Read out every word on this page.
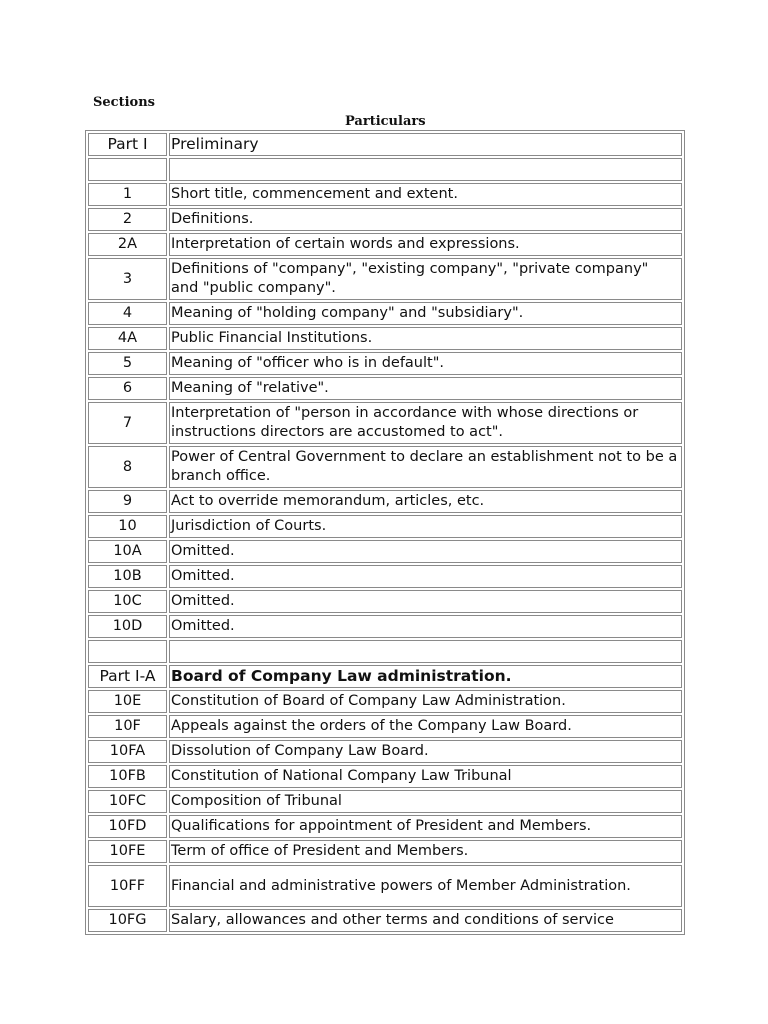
Sections
Particulars
Part I	Preliminary

1	Short title, commencement and extent.
2	Definitions.
2A	Interpretation of certain words and expressions.
3	Definitions of "company", "existing company", "private company" and "public company".
4	Meaning of "holding company" and "subsidiary".
4A	Public Financial Institutions.
5	Meaning of "officer who is in default".
6	Meaning of "relative".
7	Interpretation of "person in accordance with whose directions or instructions directors are accustomed to act".
8	Power of Central Government to declare an establishment not to be a branch office.
9	Act to override memorandum, articles, etc.
10	Jurisdiction of Courts.
10A	Omitted.
10B	Omitted.
10C	Omitted.
10D	Omitted.

Part I-A	Board of Company Law administration.
10E	Constitution of Board of Company Law Administration.
10F	Appeals against the orders of the Company Law Board.
10FA	Dissolution of Company Law Board.
10FB	Constitution of National Company Law Tribunal
10FC	Composition of Tribunal
10FD	Qualifications for appointment of President and Members.
10FE	Term of office of President and Members.
10FF	Financial and administrative powers of Member Administration.
10FG	Salary, allowances and other terms and conditions of service
